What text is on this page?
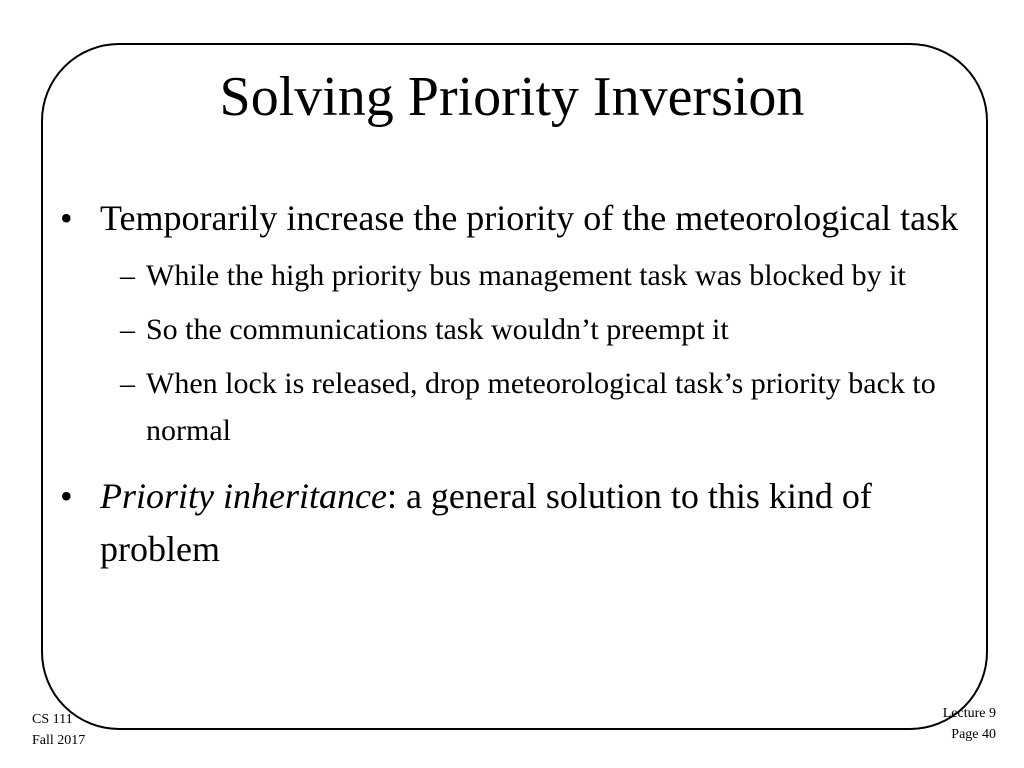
Solving Priority Inversion
• Temporarily increase the priority of the meteorological task
– While the high priority bus management task was blocked by it
– So the communications task wouldn’t preempt it
– When lock is released, drop meteorological task’s priority back to normal
• Priority inheritance: a general solution to this kind of problem
CS 111
Fall 2017
Lecture 9
Page 40
